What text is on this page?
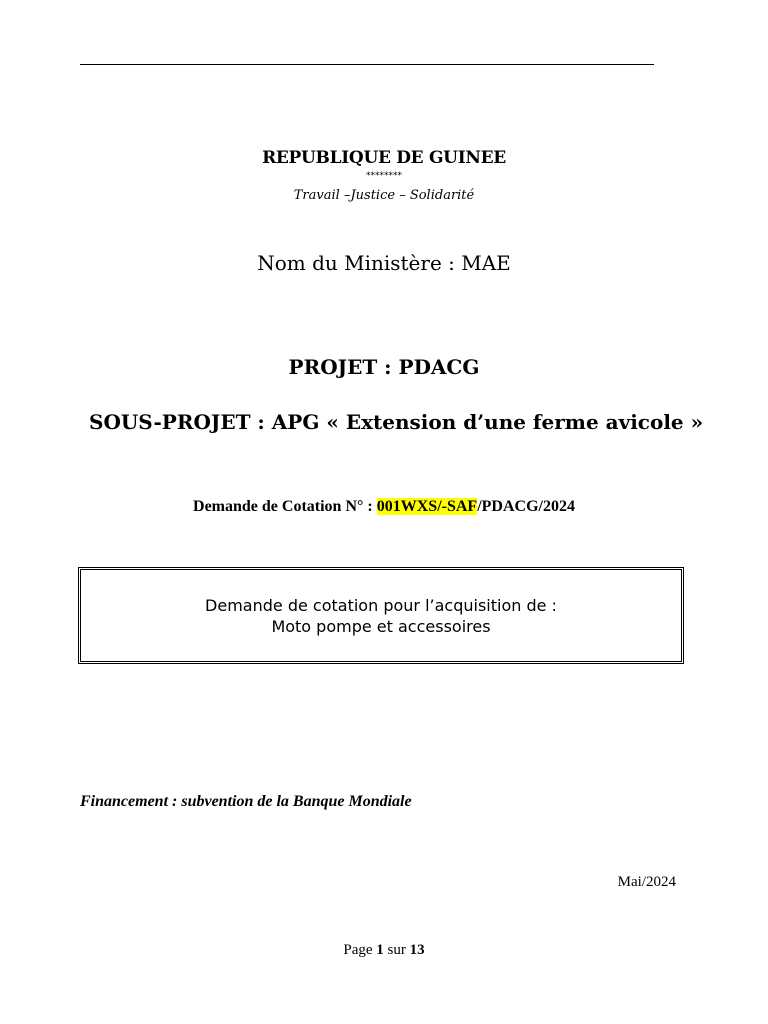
REPUBLIQUE DE GUINEE
********
Travail –Justice – Solidarité
Nom du Ministère : MAE
PROJET : PDACG
SOUS-PROJET : APG « Extension d’une ferme avicole »
Demande de Cotation N° : 001WXS/-SAF/PDACG/2024
Demande de cotation pour l’acquisition de :
Moto pompe et accessoires
Financement : subvention de la Banque Mondiale
Mai/2024
Page 1 sur 13
